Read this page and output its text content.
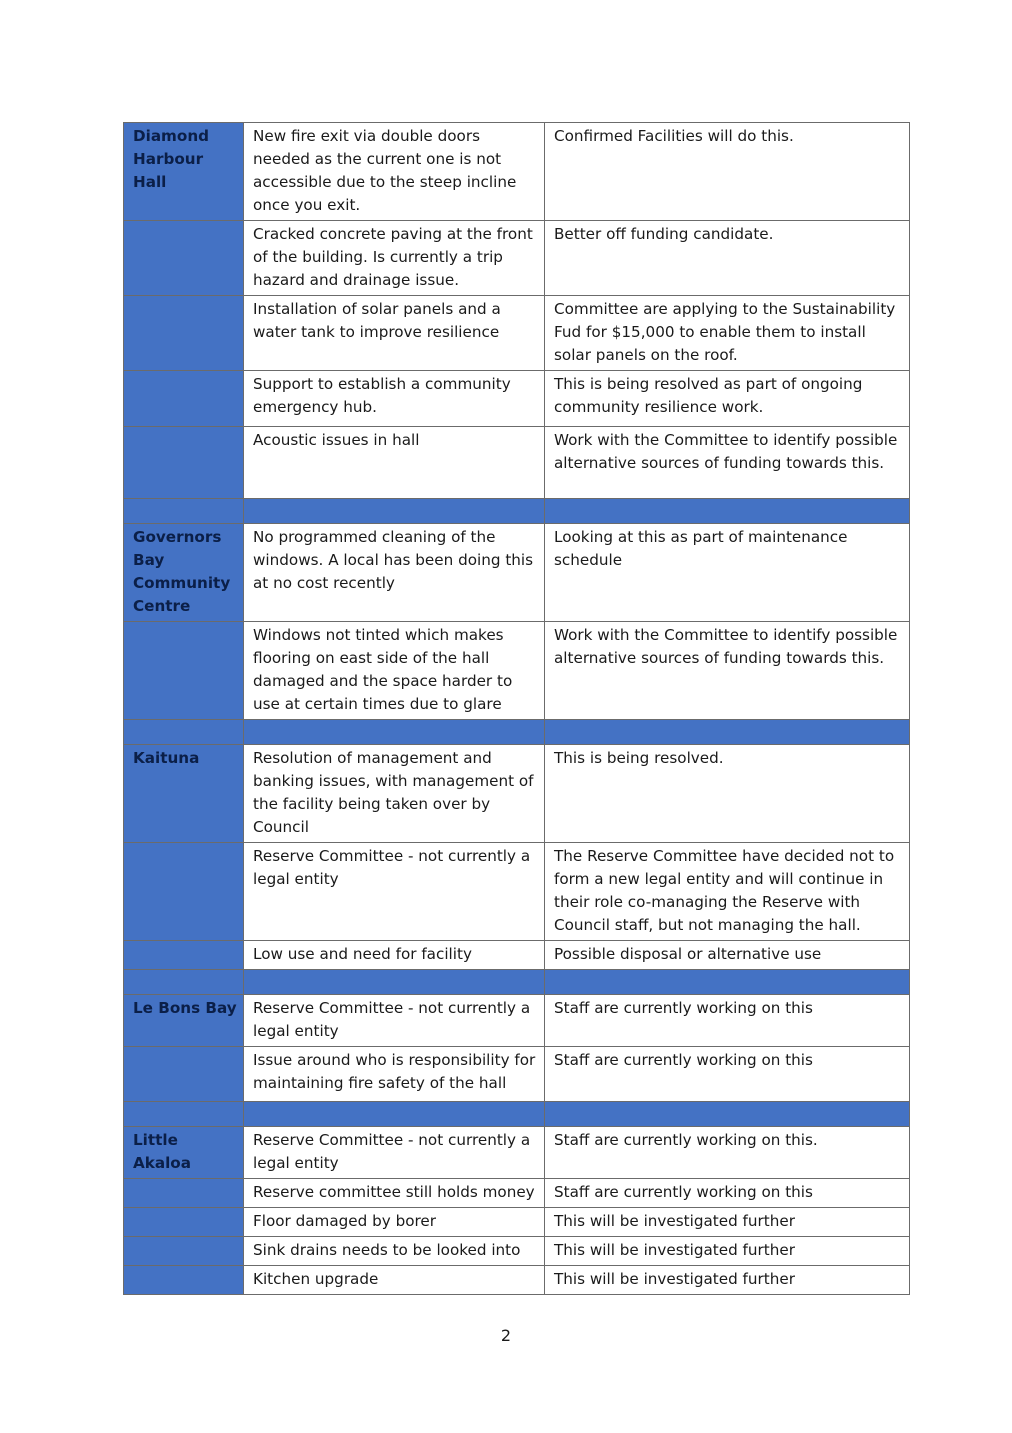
Diamond Harbour Hall	New fire exit via double doors needed as the current one is not accessible due to the steep incline once you exit.	Confirmed Facilities will do this.
	Cracked concrete paving at the front of the building. Is currently a trip hazard and drainage issue.	Better off funding candidate.
	Installation of solar panels and a water tank to improve resilience	Committee are applying to the Sustainability Fud for $15,000 to enable them to install solar panels on the roof.
	Support to establish a community emergency hub.	This is being resolved as part of ongoing community resilience work.
	Acoustic issues in hall	Work with the Committee to identify possible alternative sources of funding towards this.

Governors Bay Community Centre	No programmed cleaning of the windows. A local has been doing this at no cost recently	Looking at this as part of maintenance schedule
	Windows not tinted which makes flooring on east side of the hall damaged and the space harder to use at certain times due to glare	Work with the Committee to identify possible alternative sources of funding towards this.

Kaituna	Resolution of management and banking issues, with management of the facility being taken over by Council	This is being resolved.
	Reserve Committee - not currently a legal entity	The Reserve Committee have decided not to form a new legal entity and will continue in their role co-managing the Reserve with Council staff, but not managing the hall.
	Low use and need for facility	Possible disposal or alternative use

Le Bons Bay	Reserve Committee - not currently a legal entity	Staff are currently working on this
	Issue around who is responsibility for maintaining fire safety of the hall	Staff are currently working on this

Little Akaloa	Reserve Committee - not currently a legal entity	Staff are currently working on this.
	Reserve committee still holds money	Staff are currently working on this
	Floor damaged by borer	This will be investigated further
	Sink drains needs to be looked into	This will be investigated further
	Kitchen upgrade	This will be investigated further
2
